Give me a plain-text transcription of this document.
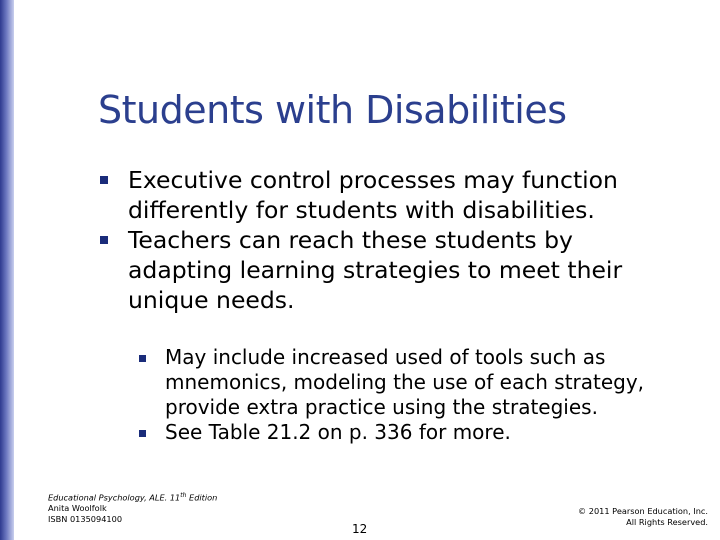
Students with Disabilities
Executive control processes may function
differently for students with disabilities.
Teachers can reach these students by
adapting learning strategies to meet their
unique needs.
May include increased used of tools such as
mnemonics, modeling the use of each strategy,
provide extra practice using the strategies.
See Table 21.2 on p. 336 for more.
Educational Psychology, ALE. 11th Edition
Anita Woolfolk
ISBN 0135094100
12
© 2011 Pearson Education, Inc.
All Rights Reserved.
